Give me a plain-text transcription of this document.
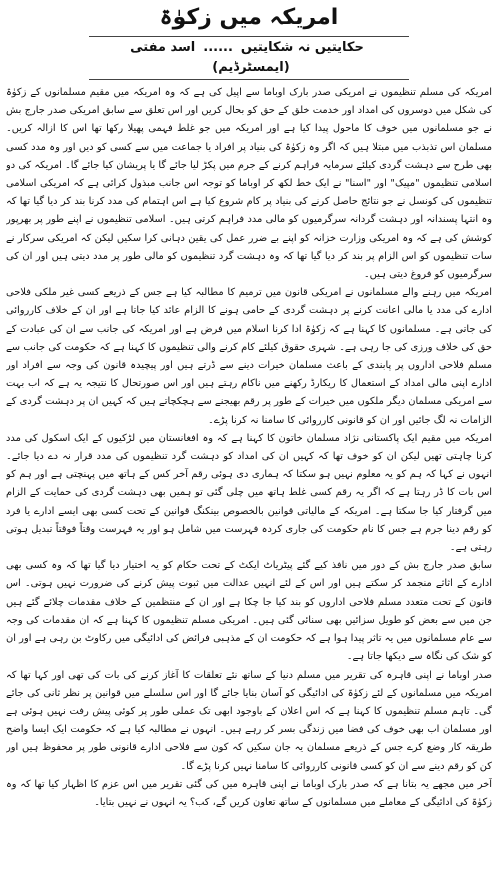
امریکہ میں زکوٰۃ
حکایتیں نہ شکایتیں......اسد مفتی (ایمسٹرڈیم)

امریکہ کی مسلم تنظیموں نے امریکی صدر بارک اوباما سے اپیل کی ہے کہ وہ امریکہ میں مقیم مسلمانوں کے زکوٰۃ کی شکل میں دوسروں کی امداد اور خدمت خلق کے حق کو بحال کریں اور اس تعلق سے سابق امریکی صدر جارج بش نے جو مسلمانوں میں خوف کا ماحول پیدا کیا ہے اور امریکہ میں جو غلط فہمی پھیلا رکھا تھا اس کا ازالہ کریں۔ مسلمان اس تذبذب میں مبتلا ہیں کہ اگر وہ زکوٰۃ کی بنیاد پر افراد یا جماعت میں سے کسی کو دیں اور وہ مدد کسی بھی طرح سے دہشت گردی کیلئے سرمایہ فراہم کرنے کے جرم میں پکڑ لیا جائے گا یا پریشان کیا جائے گا۔ امریکہ کی دو اسلامی تنظیموں "مپیک" اور "اسنا" نے ایک خط لکھ کر اوباما کو توجہ اس جانب مبذول کرائی ہے کہ امریکی اسلامی تنظیموں کی کونسل نے جو نتائج حاصل کرنے کی بنیاد پر کام شروع کیا ہے اس اہتمام کی مدد کرنا بند کر دیا گیا تھا کہ وہ انتہا پسندانہ اور دہشت گردانہ سرگرمیوں کو مالی مدد فراہم کرتی ہیں۔ اسلامی تنظیموں نے اپنے طور پر بھرپور کوشش کی ہے کہ وہ امریکی وزارت خزانہ کو اپنے بے ضرر عمل کی یقین دہانی کرا سکیں لیکن کہ امریکی سرکار نے سات تنظیموں کو اس الزام پر بند کر دیا گیا تھا کہ وہ دہشت گرد تنظیموں کو مالی طور پر مدد دیتی ہیں اور ان کی سرگرمیوں کو فروغ دیتی ہیں۔

امریکہ میں رہنے والے مسلمانوں نے امریکی قانون میں ترمیم کا مطالبہ کیا ہے جس کے ذریعے کسی غیر ملکی فلاحی ادارے کی مدد یا مالی اعانت کرنے پر دہشت گردی کے حامی ہونے کا الزام عائد کیا جاتا ہے اور ان کے خلاف کارروائی کی جاتی ہے۔ مسلمانوں کا کہنا ہے کہ زکوٰۃ ادا کرنا اسلام میں فرض ہے اور امریکہ کی جانب سے ان کی عبادت کے حق کی خلاف ورزی کی جا رہی ہے۔ شہری حقوق کیلئے کام کرنے والی تنظیموں کا کہنا ہے کہ حکومت کی جانب سے مسلم فلاحی اداروں پر پابندی کے باعث مسلمان خیرات دینے سے ڈرتے ہیں اور پیچیدہ قانون کی وجہ سے افراد اور ادارے اپنی مالی امداد کے استعمال کا ریکارڈ رکھنے میں ناکام رہتے ہیں اور اس صورتحال کا نتیجہ یہ ہے کہ اب بہت سے امریکی مسلمان دیگر ملکوں میں خیرات کے طور پر رقم بھیجنے سے ہچکچاتے ہیں کہ کہیں ان پر دہشت گردی کے الزامات نہ لگ جائیں اور ان کو قانونی کارروائی کا سامنا نہ کرنا پڑے۔

امریکہ میں مقیم ایک پاکستانی نژاد مسلمان خاتون کا کہنا ہے کہ وہ افغانستان میں لڑکیوں کے ایک اسکول کی مدد کرنا چاہتی تھیں لیکن ان کو خوف تھا کہ کہیں ان کی امداد کو دہشت گرد تنظیموں کی مدد قرار نہ دے دیا جائے۔ انہوں نے کہا کہ ہم کو یہ معلوم نہیں ہو سکتا کہ ہماری دی ہوئی رقم آخر کس کے ہاتھ میں پہنچتی ہے اور ہم کو اس بات کا ڈر رہتا ہے کہ اگر یہ رقم کسی غلط ہاتھ میں چلی گئی تو ہمیں بھی دہشت گردی کی حمایت کے الزام میں گرفتار کیا جا سکتا ہے۔ امریکہ کے مالیاتی قوانین بالخصوص بینکنگ قوانین کے تحت کسی بھی ایسے ادارے یا فرد کو رقم دینا جرم ہے جس کا نام حکومت کی جاری کردہ فہرست میں شامل ہو اور یہ فہرست وقتاً فوقتاً تبدیل ہوتی رہتی ہے۔

سابق صدر جارج بش کے دور میں نافذ کیے گئے پیٹریاٹ ایکٹ کے تحت حکام کو یہ اختیار دیا گیا تھا کہ وہ کسی بھی ادارے کے اثاثے منجمد کر سکتے ہیں اور اس کے لئے انہیں عدالت میں ثبوت پیش کرنے کی ضرورت نہیں ہوتی۔ اس قانون کے تحت متعدد مسلم فلاحی اداروں کو بند کیا جا چکا ہے اور ان کے منتظمین کے خلاف مقدمات چلائے گئے ہیں جن میں سے بعض کو طویل سزائیں بھی سنائی گئی ہیں۔ امریکی مسلم تنظیموں کا کہنا ہے کہ ان مقدمات کی وجہ سے عام مسلمانوں میں یہ تاثر پیدا ہوا ہے کہ حکومت ان کے مذہبی فرائض کی ادائیگی میں رکاوٹ بن رہی ہے اور ان کو شک کی نگاہ سے دیکھا جاتا ہے۔

صدر اوباما نے اپنی قاہرہ کی تقریر میں مسلم دنیا کے ساتھ نئے تعلقات کا آغاز کرنے کی بات کی تھی اور کہا تھا کہ امریکہ میں مسلمانوں کے لئے زکوٰۃ کی ادائیگی کو آسان بنایا جائے گا اور اس سلسلے میں قوانین پر نظر ثانی کی جائے گی۔ تاہم مسلم تنظیموں کا کہنا ہے کہ اس اعلان کے باوجود ابھی تک عملی طور پر کوئی پیش رفت نہیں ہوئی ہے اور مسلمان اب بھی خوف کی فضا میں زندگی بسر کر رہے ہیں۔ انہوں نے مطالبہ کیا ہے کہ حکومت ایک ایسا واضح طریقہ کار وضع کرے جس کے ذریعے مسلمان یہ جان سکیں کہ کون سے فلاحی ادارے قانونی طور پر محفوظ ہیں اور کن کو رقم دینے سے ان کو کسی قانونی کارروائی کا سامنا نہیں کرنا پڑے گا۔

آخر میں مجھے یہ بتانا ہے کہ صدر بارک اوباما نے اپنی قاہرہ میں کی گئی تقریر میں اس عزم کا اظہار کیا تھا کہ وہ زکوٰۃ کی ادائیگی کے معاملے میں مسلمانوں کے ساتھ تعاون کریں گے، کب؟ یہ انہوں نے نہیں بتایا۔
